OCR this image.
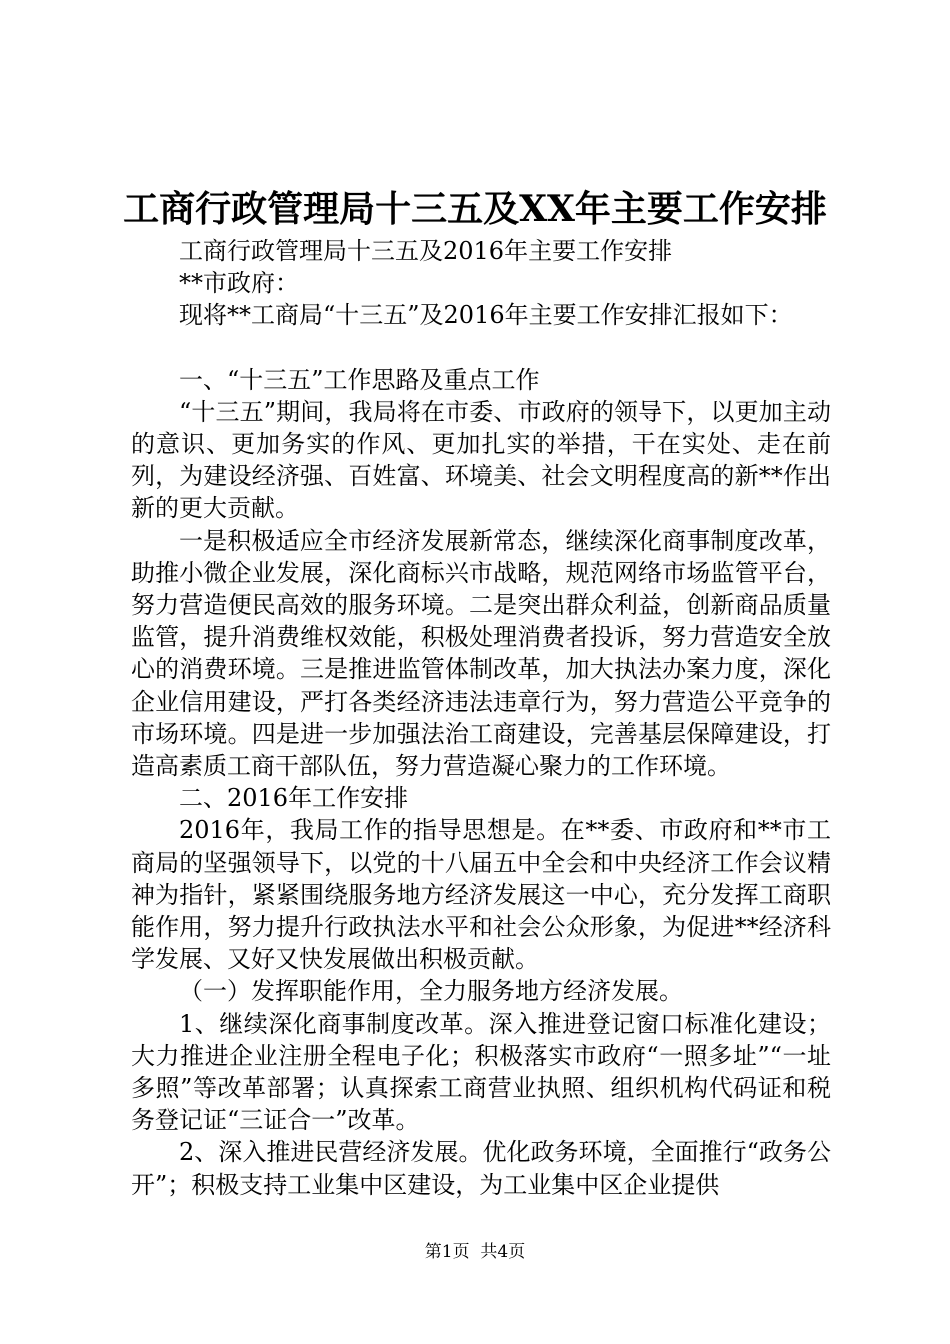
工商行政管理局十三五及XX年主要工作安排

工商行政管理局十三五及2016年主要工作安排

**市政府：

现将**工商局“十三五”及2016年主要工作安排汇报如下：

一、“十三五”工作思路及重点工作

“十三五”期间，我局将在市委、市政府的领导下，以更加主动的意识、更加务实的作风、更加扎实的举措，干在实处、走在前列，为建设经济强、百姓富、环境美、社会文明程度高的新**作出新的更大贡献。

一是积极适应全市经济发展新常态，继续深化商事制度改革，助推小微企业发展，深化商标兴市战略，规范网络市场监管平台，努力营造便民高效的服务环境。二是突出群众利益，创新商品质量监管，提升消费维权效能，积极处理消费者投诉，努力营造安全放心的消费环境。三是推进监管体制改革，加大执法办案力度，深化企业信用建设，严打各类经济违法违章行为，努力营造公平竞争的市场环境。四是进一步加强法治工商建设，完善基层保障建设，打造高素质工商干部队伍，努力营造凝心聚力的工作环境。

二、2016年工作安排

2016年，我局工作的指导思想是。在**委、市政府和**市工商局的坚强领导下，以党的十八届五中全会和中央经济工作会议精神为指针，紧紧围绕服务地方经济发展这一中心，充分发挥工商职能作用，努力提升行政执法水平和社会公众形象，为促进**经济科学发展、又好又快发展做出积极贡献。

（一）发挥职能作用，全力服务地方经济发展。

1、继续深化商事制度改革。深入推进登记窗口标准化建设；大力推进企业注册全程电子化；积极落实市政府“一照多址”“一址多照”等改革部署；认真探索工商营业执照、组织机构代码证和税务登记证“三证合一”改革。

2、深入推进民营经济发展。优化政务环境，全面推行“政务公开”；积极支持工业集中区建设，为工业集中区企业提供

第1页  共4页
